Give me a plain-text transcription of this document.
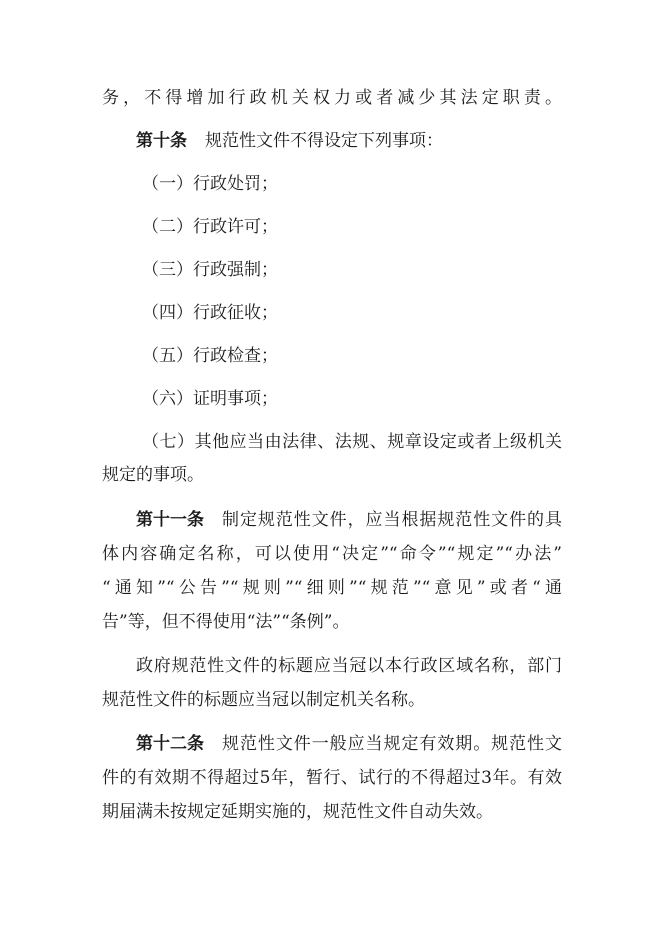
务，不得增加行政机关权力或者减少其法定职责。
第十条 规范性文件不得设定下列事项：
（一）行政处罚；
（二）行政许可；
（三）行政强制；
（四）行政征收；
（五）行政检查；
（六）证明事项；
（七）其他应当由法律、法规、规章设定或者上级机关
规定的事项。
第十一条 制定规范性文件，应当根据规范性文件的具
体内容确定名称，可以使用“决定”“命令”“规定”“办法”
“通知”“公告”“规则”“细则”“规范”“意见”或者“通
告”等，但不得使用“法”“条例”。
政府规范性文件的标题应当冠以本行政区域名称，部门
规范性文件的标题应当冠以制定机关名称。
第十二条 规范性文件一般应当规定有效期。规范性文
件的有效期不得超过5年，暂行、试行的不得超过3年。有效
期届满未按规定延期实施的，规范性文件自动失效。
